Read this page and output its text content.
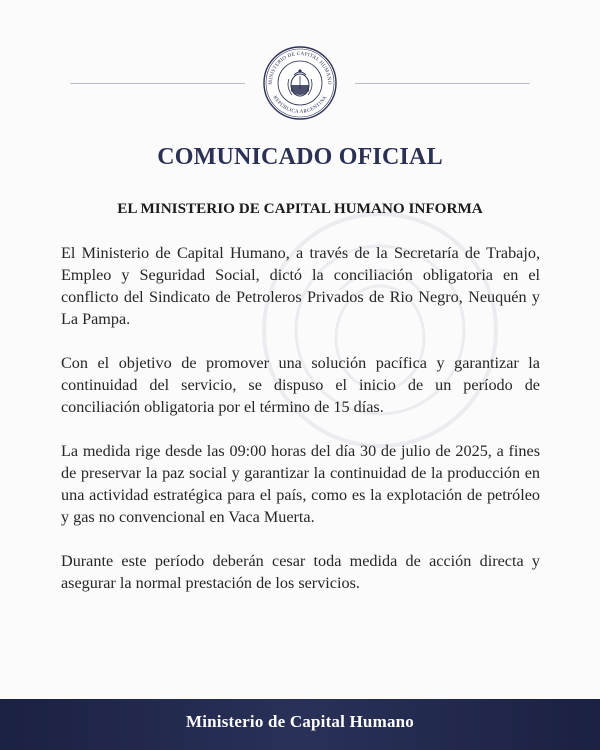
MINISTERIO DE CAPITAL HUMANO
REPÚBLICA ARGENTINA
COMUNICADO OFICIAL
EL MINISTERIO DE CAPITAL HUMANO INFORMA

El Ministerio de Capital Humano, a través de la Secretaría de Trabajo, Empleo y Seguridad Social, dictó la conciliación obligatoria en el conflicto del Sindicato de Petroleros Privados de Rio Negro, Neuquén y La Pampa.

Con el objetivo de promover una solución pacífica y garantizar la continuidad del servicio, se dispuso el inicio de un período de conciliación obligatoria por el término de 15 días.

La medida rige desde las 09:00 horas del día 30 de julio de 2025, a fines de preservar la paz social y garantizar la continuidad de la producción en una actividad estratégica para el país, como es la explotación de petróleo y gas no convencional en Vaca Muerta.

Durante este período deberán cesar toda medida de acción directa y asegurar la normal prestación de los servicios.

Ministerio de Capital Humano
